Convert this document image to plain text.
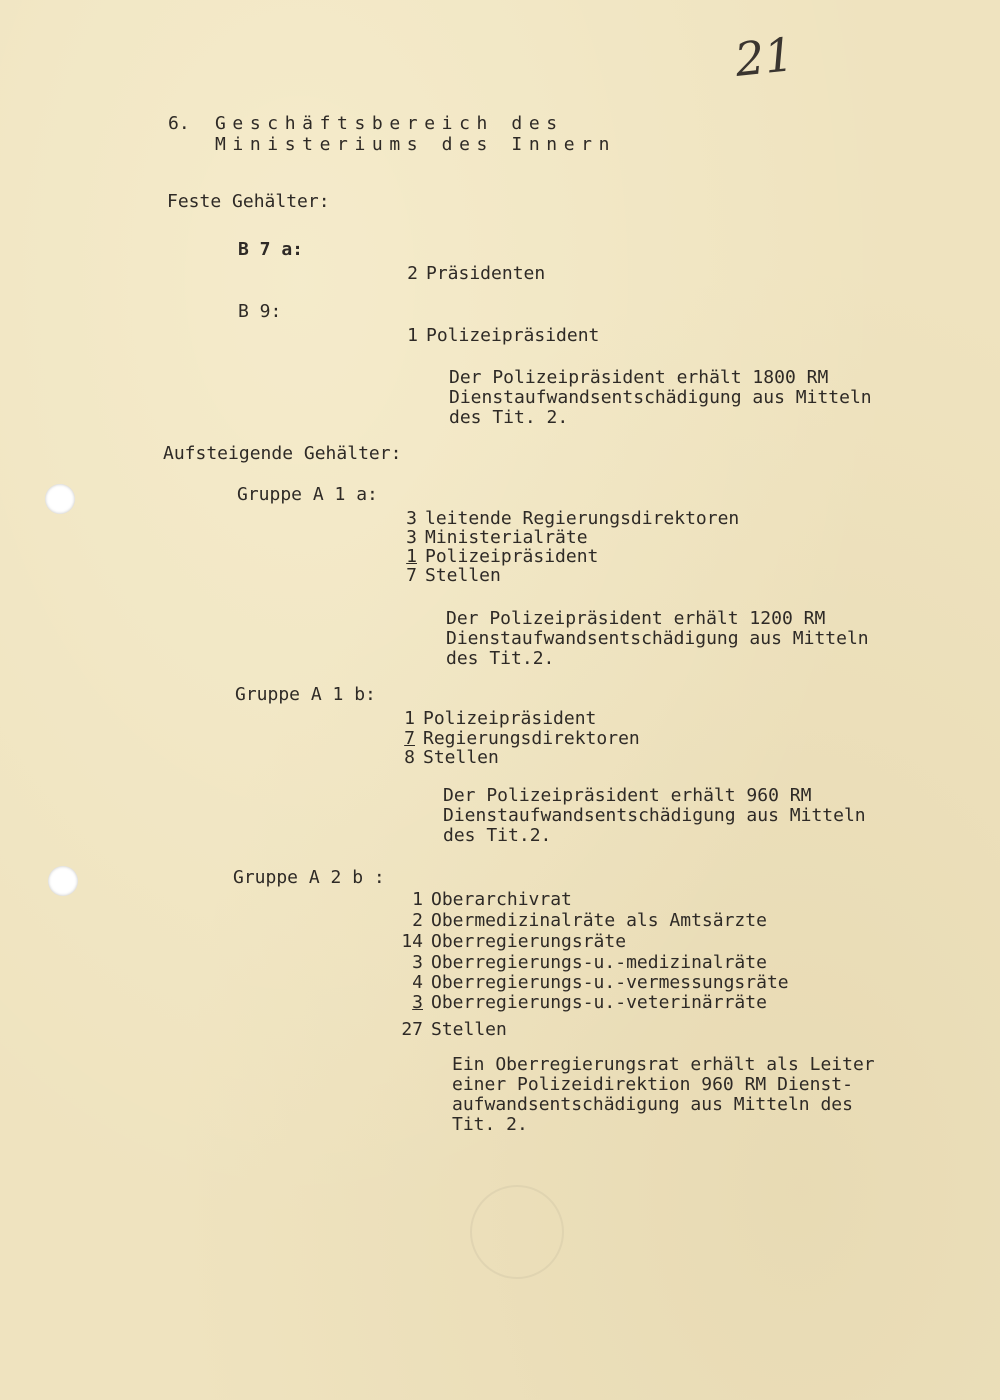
21
6. Geschäftsbereich des
Ministeriums des Innern
Feste Gehälter:
B 7 a:
2 Präsidenten
B 9:
1 Polizeipräsident
Der Polizeipräsident erhält 1800 RM
Dienstaufwandsentschädigung aus Mitteln
des Tit. 2.
Aufsteigende Gehälter:
Gruppe A 1 a:
3 leitende Regierungsdirektoren
3 Ministerialräte
1 Polizeipräsident
7 Stellen
Der Polizeipräsident erhält 1200 RM
Dienstaufwandsentschädigung aus Mitteln
des Tit.2.
Gruppe A 1 b:
1 Polizeipräsident
7 Regierungsdirektoren
8 Stellen
Der Polizeipräsident erhält 960 RM
Dienstaufwandsentschädigung aus Mitteln
des Tit.2.
Gruppe A 2 b :
1 Oberarchivrat
2 Obermedizinalräte als Amtsärzte
14 Oberregierungsräte
3 Oberregierungs-u.-medizinalräte
4 Oberregierungs-u.-vermessungsräte
3 Oberregierungs-u.-veterinärräte
27 Stellen
Ein Oberregierungsrat erhält als Leiter
einer Polizeidirektion 960 RM Dienst-
aufwandsentschädigung aus Mitteln des
Tit. 2.
